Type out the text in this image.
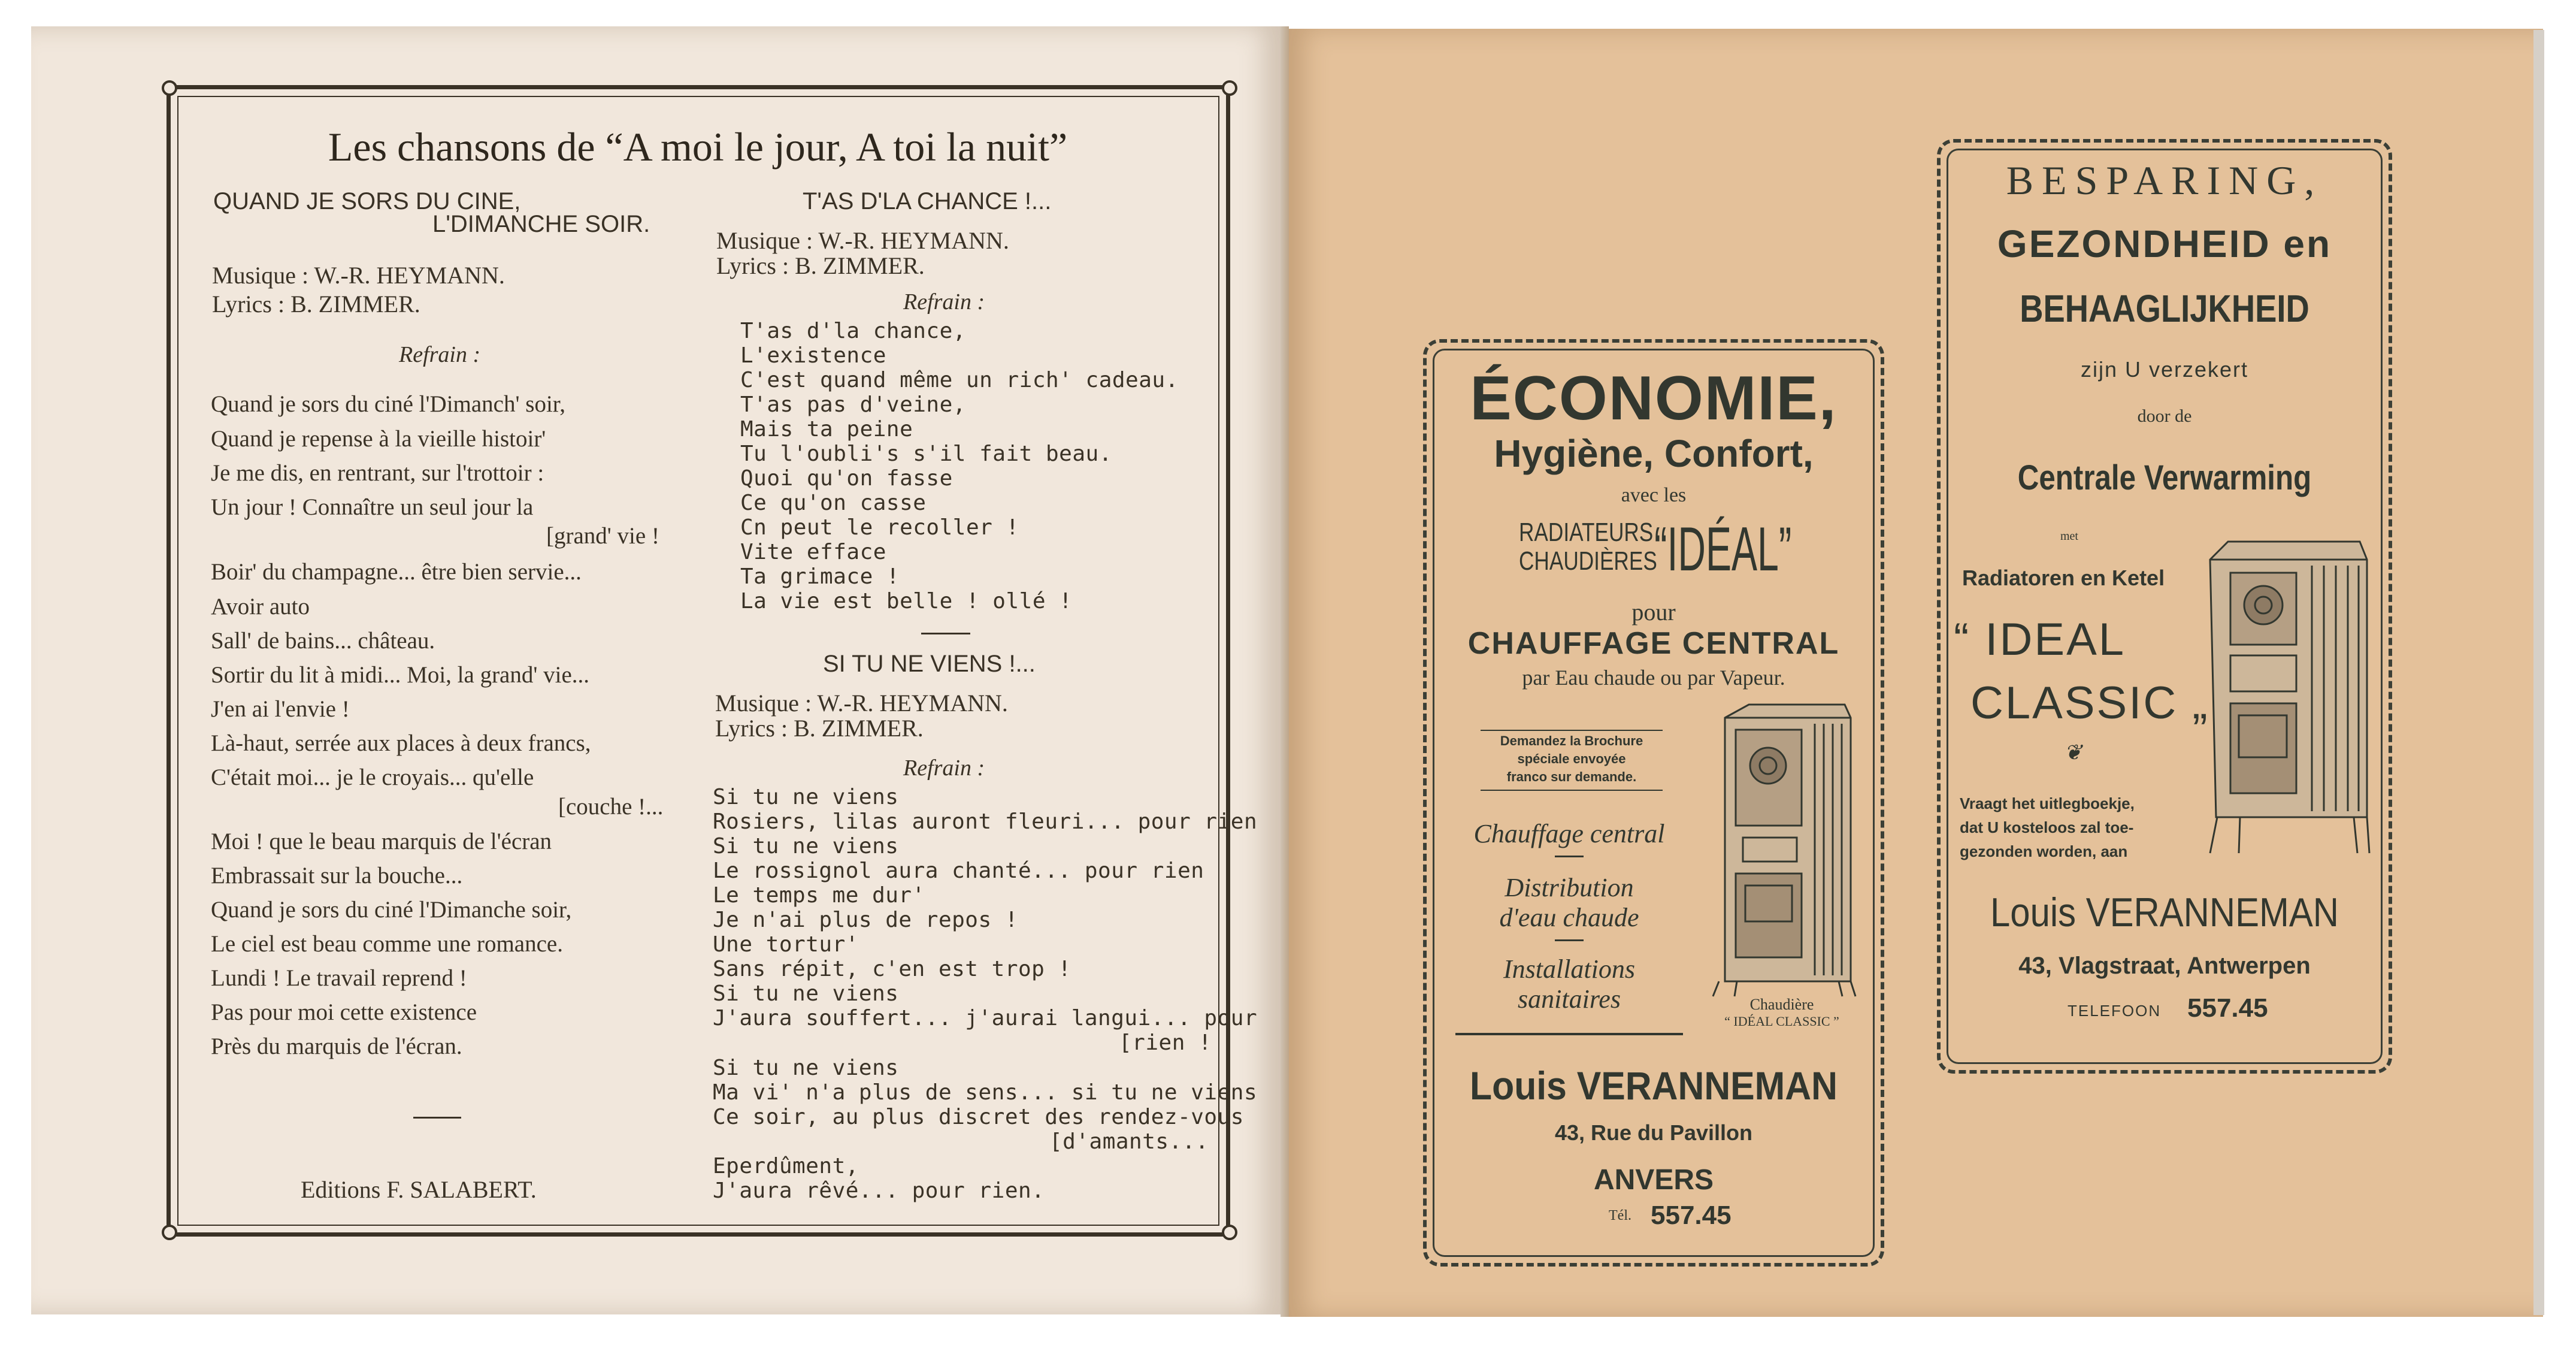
Les chansons de “A moi le jour, A toi la nuit”
QUAND JE SORS DU CINE,
L'DIMANCHE SOIR.
Musique : W.-R. HEYMANN.
Lyrics : B. ZIMMER.
Refrain :
Quand je sors du ciné l'Dimanch' soir,
Quand je repense à la vieille histoir'
Je me dis, en rentrant, sur l'trottoir :
Un jour ! Connaître un seul jour la
[grand' vie !
Boir' du champagne... être bien servie...
Avoir auto
Sall' de bains... château.
Sortir du lit à midi... Moi, la grand' vie...
J'en ai l'envie !
Là-haut, serrée aux places à deux francs,
C'était moi... je le croyais... qu'elle
[couche !...
Moi ! que le beau marquis de l'écran
Embrassait sur la bouche...
Quand je sors du ciné l'Dimanche soir,
Le ciel est beau comme une romance.
Lundi ! Le travail reprend !
Pas pour moi cette existence
Près du marquis de l'écran.
Editions F. SALABERT.
T'AS D'LA CHANCE !...
Musique : W.-R. HEYMANN.
Lyrics : B. ZIMMER.
Refrain :
T'as d'la chance,
L'existence
C'est quand même un rich' cadeau.
T'as pas d'veine,
Mais ta peine
Tu l'oubli's s'il fait beau.
Quoi qu'on fasse
Ce qu'on casse
Cn peut le recoller !
Vite efface
Ta grimace !
La vie est belle ! ollé !
SI TU NE VIENS !...
Musique : W.-R. HEYMANN.
Lyrics : B. ZIMMER.
Refrain :
Si tu ne viens
Rosiers, lilas auront fleuri... pour rien
Si tu ne viens
Le rossignol aura chanté... pour rien
Le temps me dur'
Je n'ai plus de repos !
Une tortur'
Sans répit, c'en est trop !
Si tu ne viens
J'aura souffert... j'aurai langui... pour
[rien !
Si tu ne viens
Ma vi' n'a plus de sens... si tu ne viens
Ce soir, au plus discret des rendez-vous
[d'amants...
Eperdûment,
J'aura rêvé... pour rien.
ÉCONOMIE,
Hygiène, Confort,
avec les
RADIATEURS
CHAUDIÈRES
“IDÉAL”
pour
CHAUFFAGE CENTRAL
par Eau chaude ou par Vapeur.
Demandez la Brochure
spéciale envoyée
franco sur demande.
Chauffage central
Distribution
d'eau chaude
Installations
sanitaires	Chaudière
“ IDÉAL CLASSIC ”
Louis VERANNEMAN
43, Rue du Pavillon
ANVERS
Tél. 557.45
BESPARING,
GEZONDHEID en
BEHAAGLIJKHEID
zijn U verzekert
door de
Centrale Verwarming
met
Radiatoren en Ketel
“ IDEAL
CLASSIC „
❦
Vraagt het uitlegboekje,
dat U kosteloos zal toe-
gezonden worden, aan
Louis VERANNEMAN
43, Vlagstraat, Antwerpen
TELEFOON 557.45
